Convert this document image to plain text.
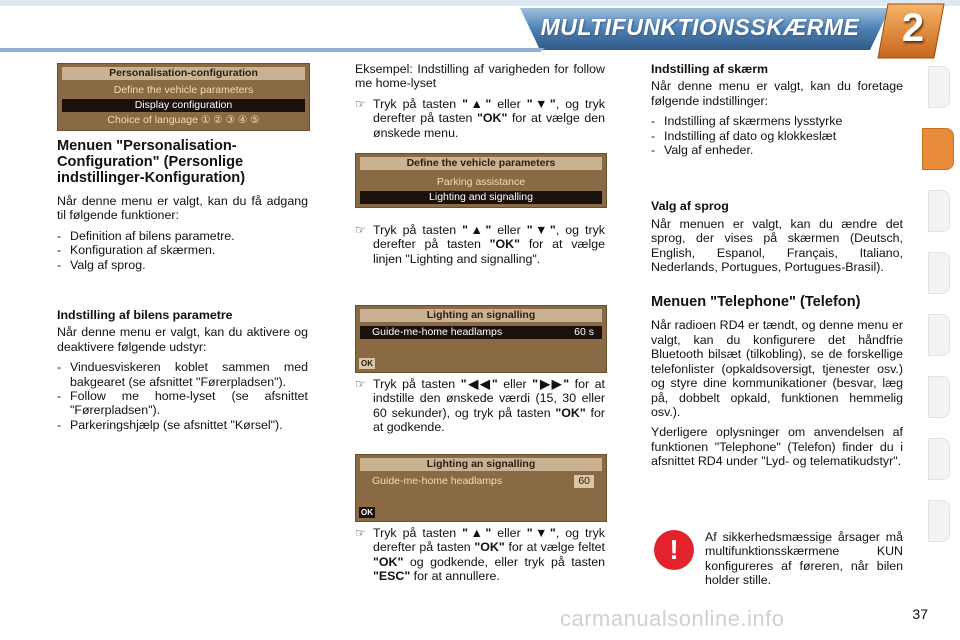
MULTIFUNKTIONSSKÆRME	2
Personalisation-configuration
Define the vehicle parameters
Display configuration
Choice of language ① ② ③ ④ ⑤
Menuen "Personalisation-Configuration" (Personlige indstillinger-Konfiguration)

Når denne menu er valgt, kan du få adgang til følgende funktioner:

- Definition af bilens parametre.
- Konfiguration af skærmen.
- Valg af sprog.
Indstilling af bilens parametre

Når denne menu er valgt, kan du aktivere og deaktivere følgende udstyr:

- Vinduesviskeren koblet sammen med bakgearet (se afsnittet "Førerpladsen").
- Follow me home-lyset (se afsnittet "Førerpladsen").
- Parkeringshjælp (se afsnittet "Kørsel").

Eksempel: Indstilling af varigheden for follow me home-lyset

☞ Tryk på tasten "▲" eller "▼", og tryk derefter på tasten "OK" for at vælge den ønskede menu.
Define the vehicle parameters
Parking assistance
Lighting and signalling
☞ Tryk på tasten "▲" eller "▼", og tryk derefter på tasten "OK" for at vælge linjen "Lighting and signalling".
Lighting an signalling
Guide-me-home headlamps	60 s
OK
☞ Tryk på tasten "◀◀" eller "▶▶" for at indstille den ønskede værdi (15, 30 eller 60 sekunder), og tryk på tasten "OK" for at godkende.
Lighting an signalling
Guide-me-home headlamps	60
OK
☞ Tryk på tasten "▲" eller "▼", og tryk derefter på tasten "OK" for at vælge feltet "OK" og godkende, eller tryk på tasten "ESC" for at annullere.
Indstilling af skærm

Når denne menu er valgt, kan du foretage følgende indstillinger:

- Indstilling af skærmens lysstyrke
- Indstilling af dato og klokkeslæt
- Valg af enheder.
Valg af sprog

Når menuen er valgt, kan du ændre det sprog, der vises på skærmen (Deutsch, English, Espanol, Français, Italiano, Nederlands, Portugues, Portugues-Brasil).

Menuen "Telephone" (Telefon)

Når radioen RD4 er tændt, og denne menu er valgt, kan du konfigurere det håndfrie Bluetooth bilsæt (tilkobling), se de forskellige telefonlister (opkaldsoversigt, tjenester osv.) og styre dine kommunikationer (besvar, læg på, dobbelt opkald, funktionen hemmelig osv.).

Yderligere oplysninger om anvendelsen af funktionen "Telephone" (Telefon) finder du i afsnittet RD4 under "Lyd- og telematikudstyr".

!	Af sikkerhedsmæssige årsager må multifunktionsskærmene KUN konfigureres af føreren, når bilen holder stille.

carmanualsonline.info	37
